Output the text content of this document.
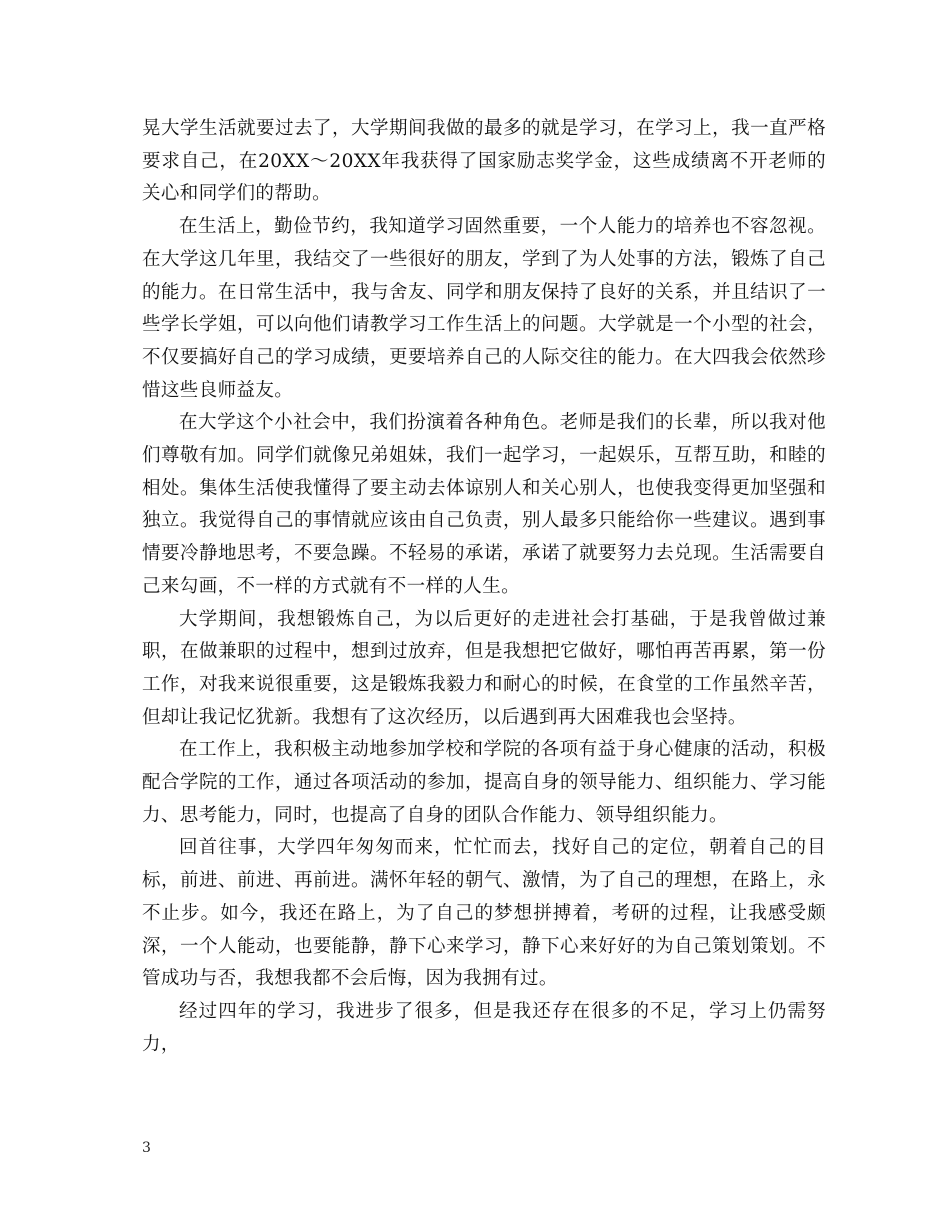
晃大学生活就要过去了，大学期间我做的最多的就是学习，在学习上，我一直严格要求自己，在20XX～20XX年我获得了国家励志奖学金，这些成绩离不开老师的关心和同学们的帮助。

在生活上，勤俭节约，我知道学习固然重要，一个人能力的培养也不容忽视。在大学这几年里，我结交了一些很好的朋友，学到了为人处事的方法，锻炼了自己的能力。在日常生活中，我与舍友、同学和朋友保持了良好的关系，并且结识了一些学长学姐，可以向他们请教学习工作生活上的问题。大学就是一个小型的社会，不仅要搞好自己的学习成绩，更要培养自己的人际交往的能力。在大四我会依然珍惜这些良师益友。

在大学这个小社会中，我们扮演着各种角色。老师是我们的长辈，所以我对他们尊敬有加。同学们就像兄弟姐妹，我们一起学习，一起娱乐，互帮互助，和睦的相处。集体生活使我懂得了要主动去体谅别人和关心别人，也使我变得更加坚强和独立。我觉得自己的事情就应该由自己负责，别人最多只能给你一些建议。遇到事情要冷静地思考，不要急躁。不轻易的承诺，承诺了就要努力去兑现。生活需要自己来勾画，不一样的方式就有不一样的人生。

大学期间，我想锻炼自己，为以后更好的走进社会打基础，于是我曾做过兼职，在做兼职的过程中，想到过放弃，但是我想把它做好，哪怕再苦再累，第一份工作，对我来说很重要，这是锻炼我毅力和耐心的时候，在食堂的工作虽然辛苦，但却让我记忆犹新。我想有了这次经历，以后遇到再大困难我也会坚持。

在工作上，我积极主动地参加学校和学院的各项有益于身心健康的活动，积极配合学院的工作，通过各项活动的参加，提高自身的领导能力、组织能力、学习能力、思考能力，同时，也提高了自身的团队合作能力、领导组织能力。

回首往事，大学四年匆匆而来，忙忙而去，找好自己的定位，朝着自己的目标，前进、前进、再前进。满怀年轻的朝气、激情，为了自己的理想，在路上，永不止步。如今，我还在路上，为了自己的梦想拼搏着，考研的过程，让我感受颇深，一个人能动，也要能静，静下心来学习，静下心来好好的为自己策划策划。不管成功与否，我想我都不会后悔，因为我拥有过。

经过四年的学习，我进步了很多，但是我还存在很多的不足，学习上仍需努力，

3
